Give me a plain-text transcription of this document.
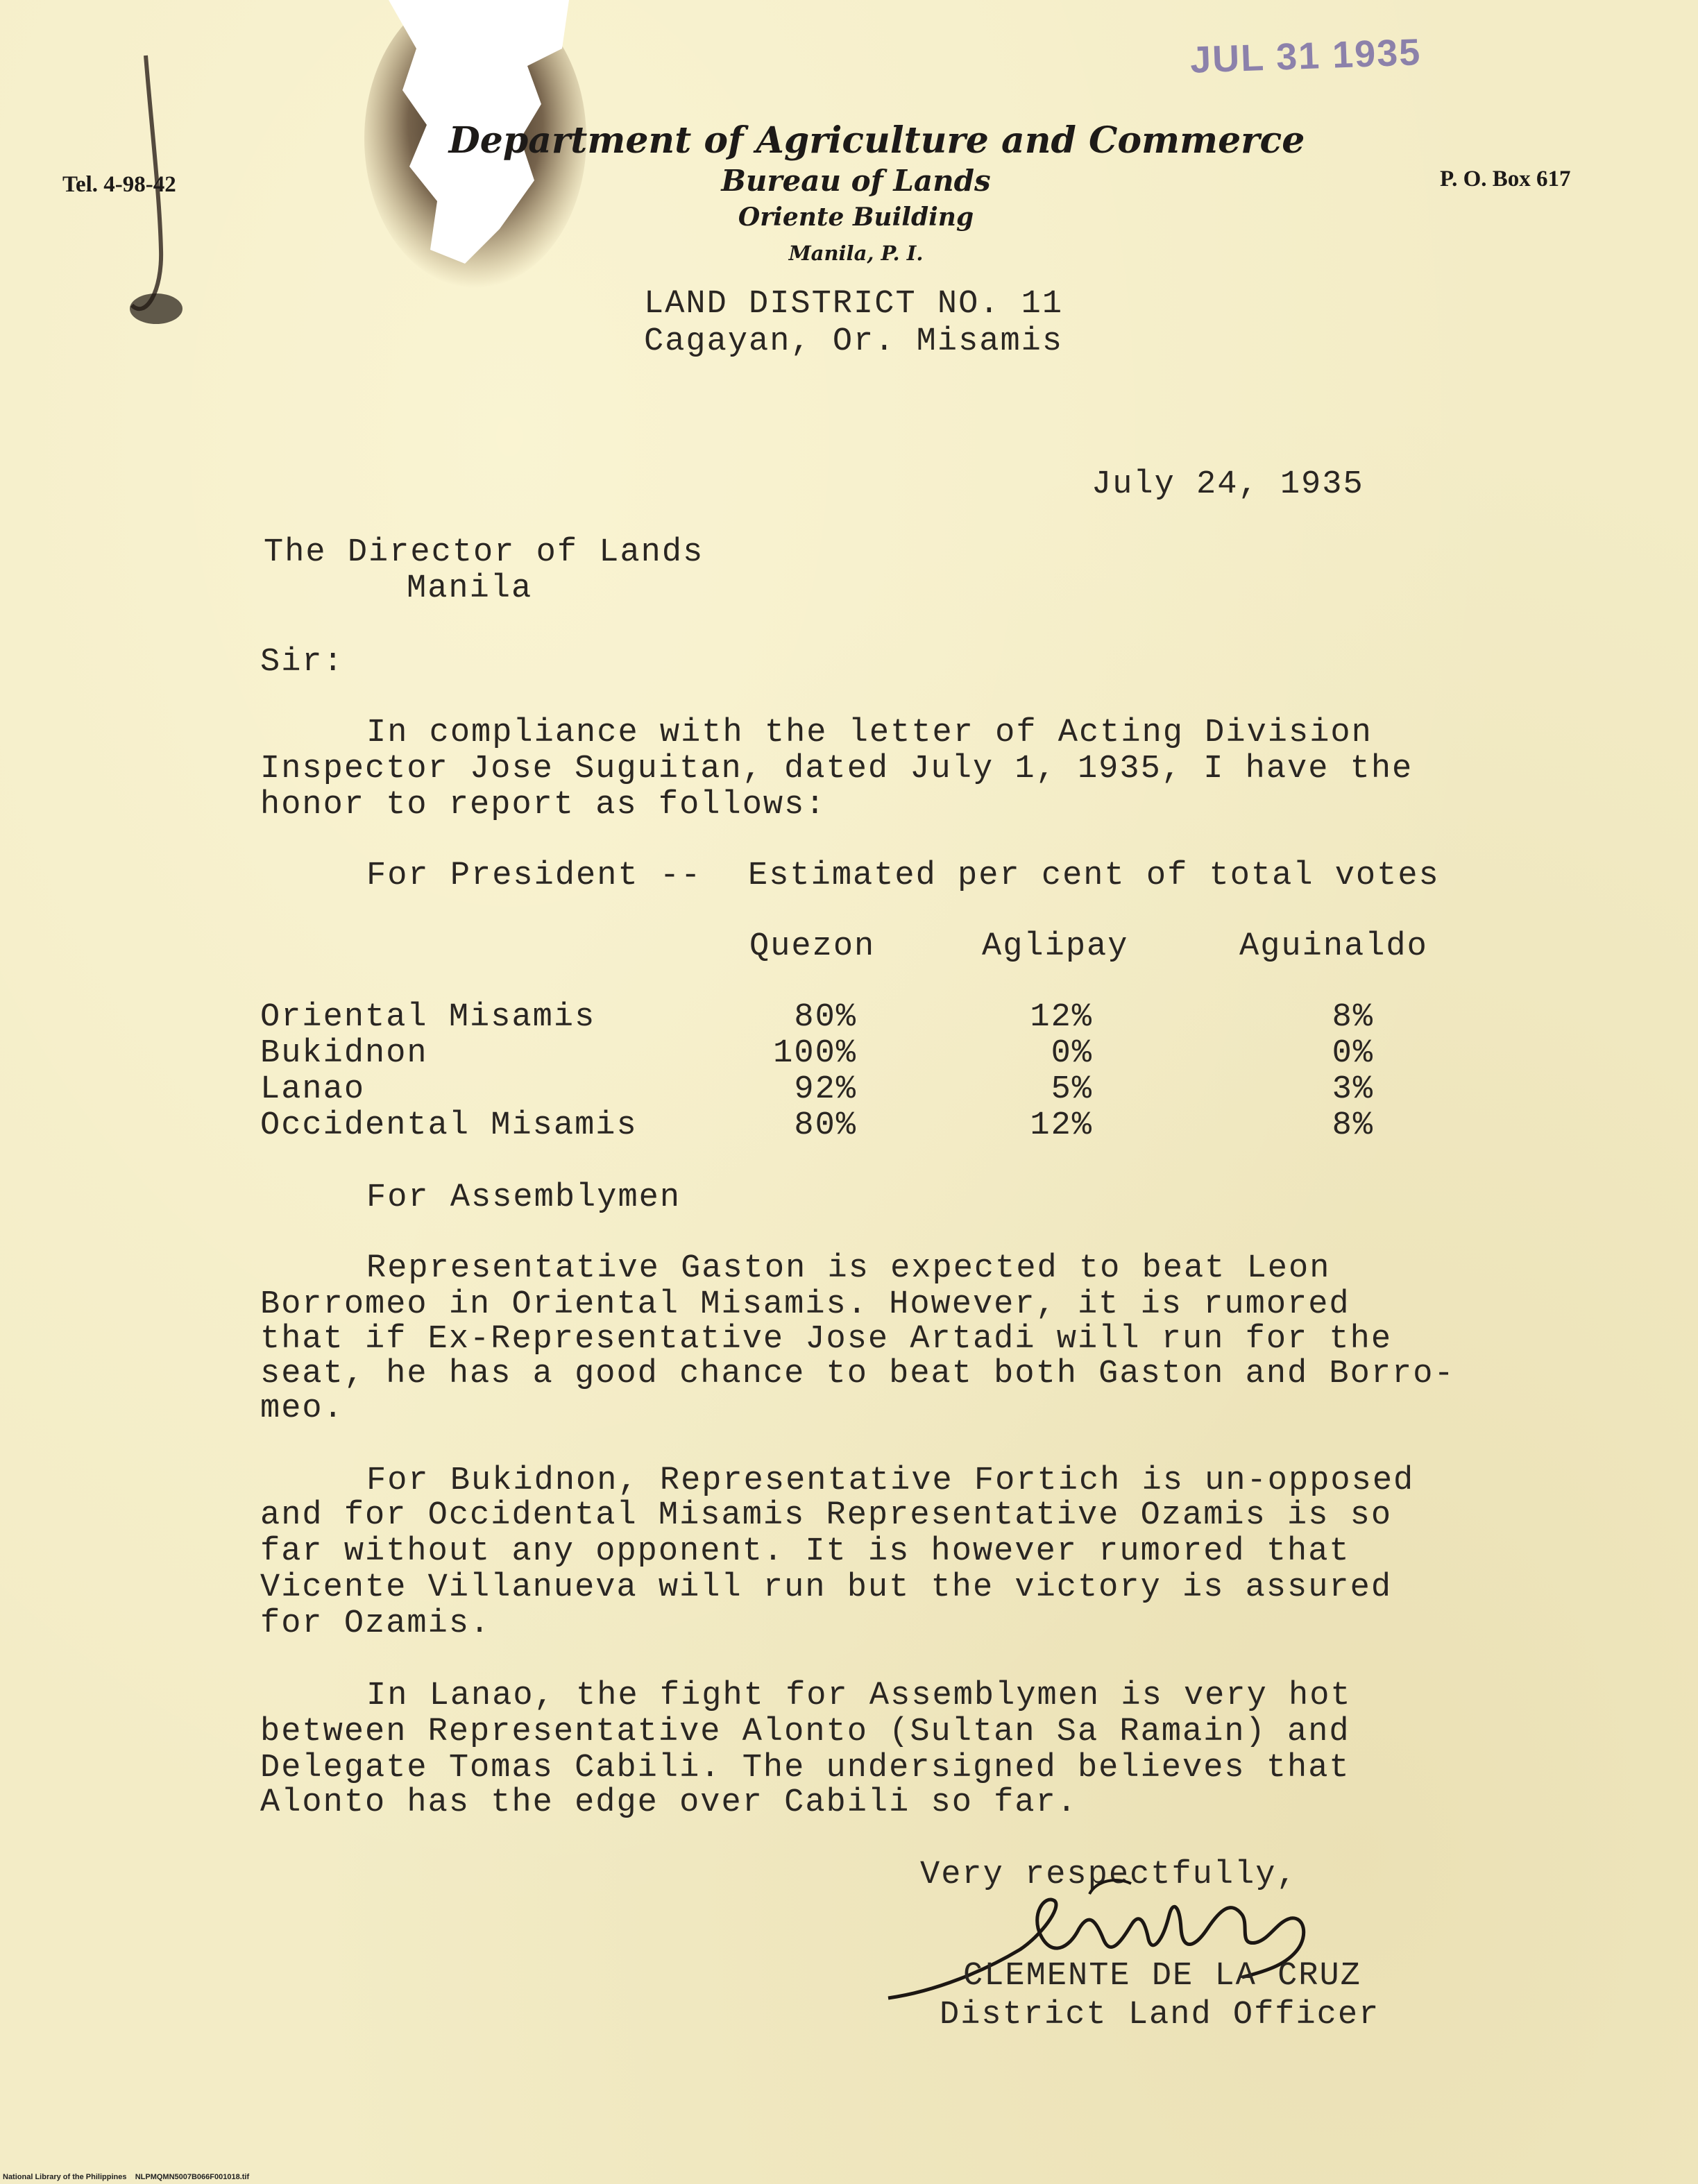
JUL 31 1935
Tel. 4-98-42	P. O. Box 617
Department of Agriculture and Commerce
Bureau of Lands
Oriente Building
Manila, P. I.
LAND DISTRICT NO. 11
Cagayan, Or. Misamis
July 24, 1935
The Director of Lands
Manila
Sir:
In compliance with the letter of Acting Division
Inspector Jose Suguitan, dated July 1, 1935, I have the
honor to report as follows:
For President -- Estimated per cent of total votes
Quezon	Aglipay	Aguinaldo
Oriental Misamis	80%	12%	8%
Bukidnon	100%	0%	0%
Lanao	92%	5%	3%
Occidental Misamis	80%	12%	8%
For Assemblymen
Representative Gaston is expected to beat Leon
Borromeo in Oriental Misamis. However, it is rumored
that if Ex-Representative Jose Artadi will run for the
seat, he has a good chance to beat both Gaston and Borro-
meo.
For Bukidnon, Representative Fortich is un-opposed
and for Occidental Misamis Representative Ozamis is so
far without any opponent. It is however rumored that
Vicente Villanueva will run but the victory is assured
for Ozamis.
In Lanao, the fight for Assemblymen is very hot
between Representative Alonto (Sultan Sa Ramain) and
Delegate Tomas Cabili. The undersigned believes that
Alonto has the edge over Cabili so far.
Very respectfully,
CLEMENTE DE LA CRUZ
District Land Officer
National Library of the Philippines    NLPMQMN5007B066F001018.tif
